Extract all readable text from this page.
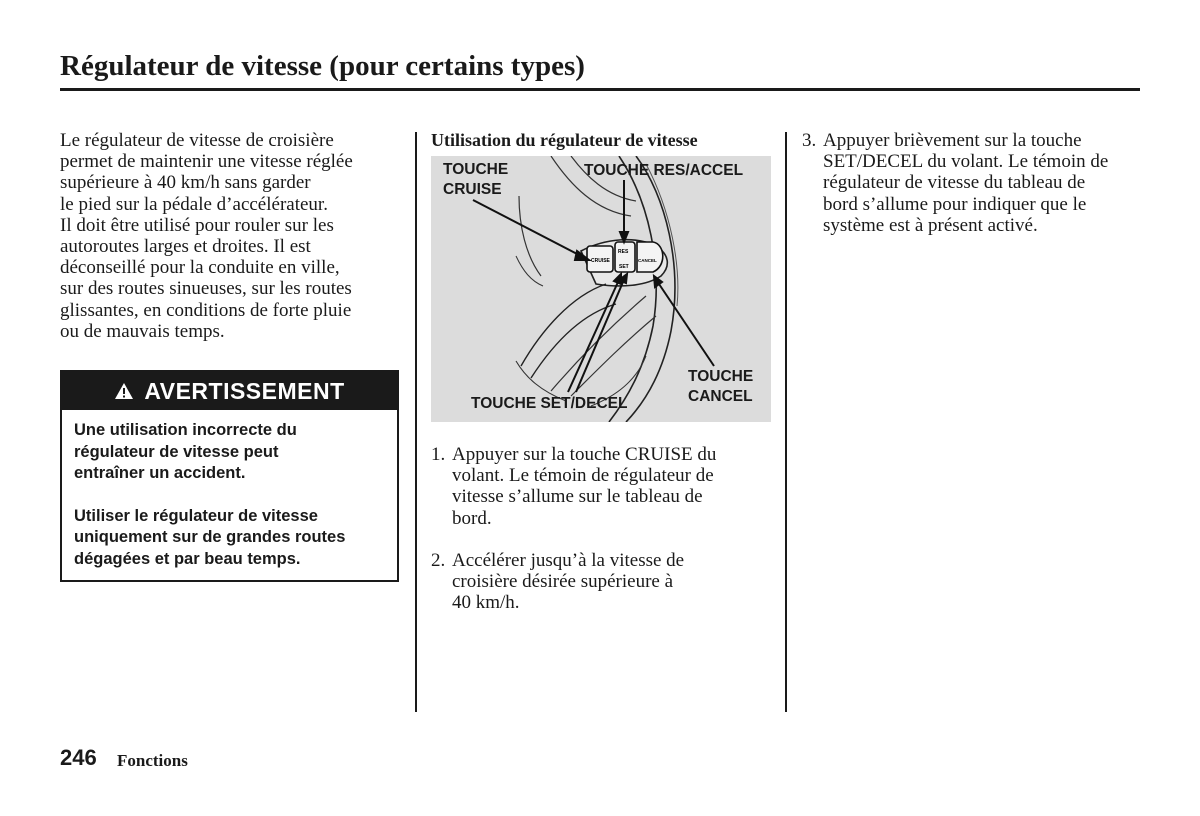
Régulateur de vitesse (pour certains types)
Le régulateur de vitesse de croisière
permet de maintenir une vitesse réglée
supérieure à 40 km/h sans garder
le pied sur la pédale d’accélérateur.
Il doit être utilisé pour rouler sur les
autoroutes larges et droites. Il est
déconseillé pour la conduite en ville,
sur des routes sinueuses, sur les routes
glissantes, en conditions de forte pluie
ou de mauvais temps.
AVERTISSEMENT

Une utilisation incorrecte du
régulateur de vitesse peut
entraîner un accident.

Utiliser le régulateur de vitesse
uniquement sur de grandes routes
dégagées et par beau temps.

Utilisation du régulateur de vitesse
CRUISE
RES
SET
CANCEL
TOUCHE
CRUISE
TOUCHE RES/ACCEL
TOUCHE SET/DECEL
TOUCHE
CANCEL
1. Appuyer sur la touche CRUISE du
volant. Le témoin de régulateur de
vitesse s’allume sur le tableau de
bord.
2. Accélérer jusqu’à la vitesse de
croisière désirée supérieure à
40 km/h.
3. Appuyer brièvement sur la touche
SET/DECEL du volant. Le témoin de
régulateur de vitesse du tableau de
bord s’allume pour indiquer que le
système est à présent activé.
246 Fonctions
